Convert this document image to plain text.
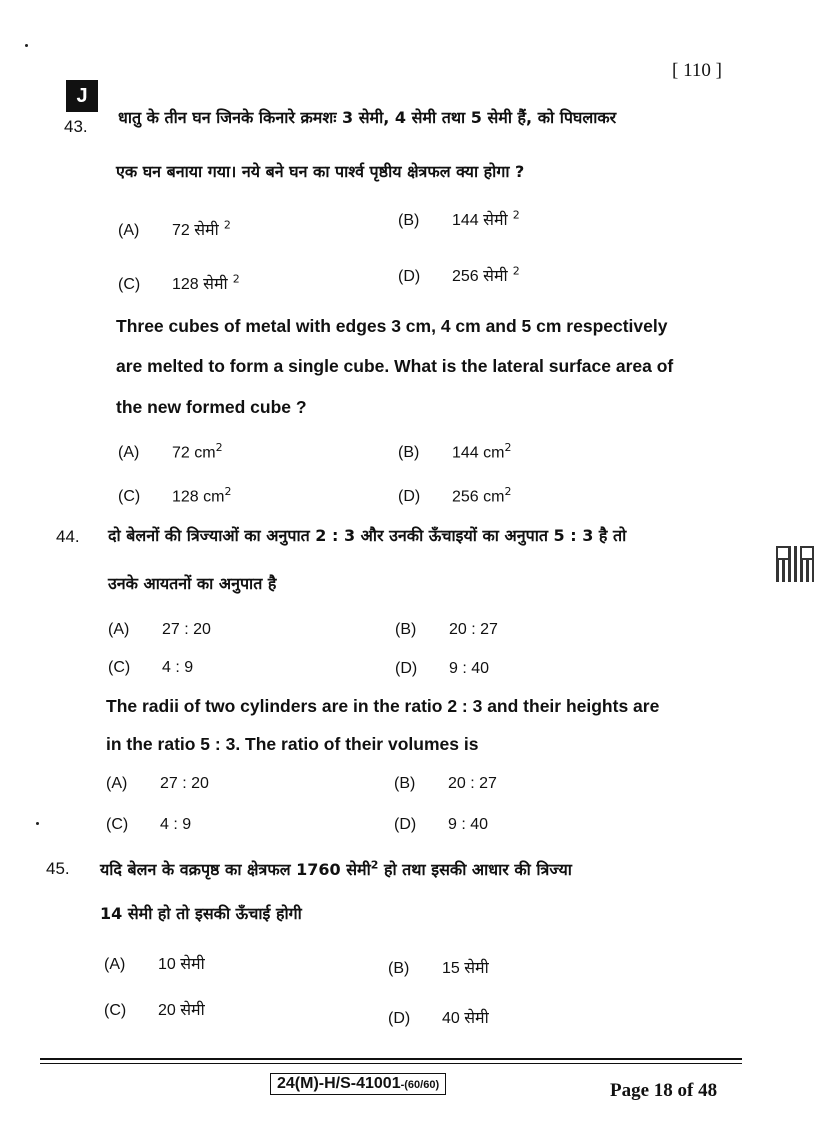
[ 110 ]
J
43. धातु के तीन घन जिनके किनारे क्रमशः 3 सेमी, 4 सेमी तथा 5 सेमी हैं, को पिघलाकर
एक घन बनाया गया। नये बने घन का पार्श्व पृष्ठीय क्षेत्रफल क्या होगा ?
(A) 72 सेमी $^2$	(B) 144 सेमी $^2$
(C) 128 सेमी $^2$	(D) 256 सेमी $^2$
Three cubes of metal with edges 3 cm, 4 cm and 5 cm respectively
are melted to form a single cube. What is the lateral surface area of
the new formed cube ?
(A) 72 $cm^2$	(B) 144 $cm^2$
(C) 128 $cm^2$	(D) 256 $cm^2$
44. दो बेलनों की त्रिज्याओं का अनुपात 2 : 3 और उनकी ऊँचाइयों का अनुपात 5 : 3 है तो
उनके आयतनों का अनुपात है
(A) 27 : 20	(B) 20 : 27
(C) 4 : 9	(D) 9 : 40
The radii of two cylinders are in the ratio 2 : 3 and their heights are
in the ratio 5 : 3. The ratio of their volumes is
(A) 27 : 20	(B) 20 : 27
(C) 4 : 9	(D) 9 : 40
45. यदि बेलन के वक्रपृष्ठ का क्षेत्रफल 1760 सेमी$^2$ हो तथा इसकी आधार की त्रिज्या
14 सेमी हो तो इसकी ऊँचाई होगी
(A) 10 सेमी	(B) 15 सेमी
(C) 20 सेमी	(D) 40 सेमी
24(M)-H/S-41001-(60/60)	Page 18 of 48
